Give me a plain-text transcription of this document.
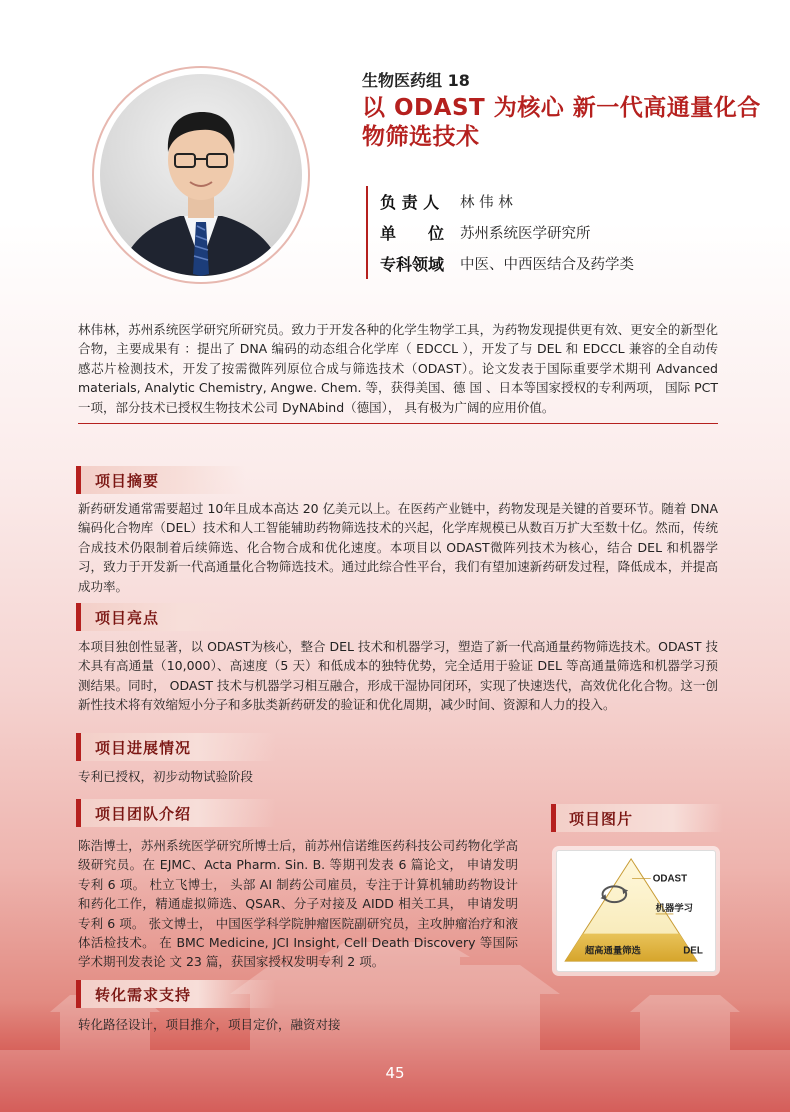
生物医药组 18
以 ODAST 为核心 新一代高通量化合物筛选技术
负 责 人	林 伟 林
单　　位	苏州系统医学研究所
专科领域	中医、中西医结合及药学类
林伟林，苏州系统医学研究所研究员。致力于开发各种的化学生物学工具，为药物发现提供更有效、更安全的新型化合物，主要成果有 ：提出了 DNA 编码的动态组合化学库（ EDCCL ），开发了与 DEL 和 EDCCL 兼容的全自动传感芯片检测技术，开发了按需微阵列原位合成与筛选技术（ODAST）。论文发表于国际重要学术期刊 Advanced materials, Analytic Chemistry, Angwe. Chem. 等，获得美国、德 国 、日本等国家授权的专利两项， 国际 PCT 一项，部分技术已授权生物技术公司 DyNAbind（德国）， 具有极为广阔的应用价值。
项目摘要
新药研发通常需要超过 10年且成本高达 20 亿美元以上。在医药产业链中，药物发现是关键的首要环节。随着 DNA 编码化合物库（DEL）技术和人工智能辅助药物筛选技术的兴起，化学库规模已从数百万扩大至数十亿。然而，传统合成技术仍限制着后续筛选、化合物合成和优化速度。本项目以 ODAST微阵列技术为核心，结合 DEL 和机器学习，致力于开发新一代高通量化合物筛选技术。通过此综合性平台，我们有望加速新药研发过程，降低成本，并提高成功率。
项目亮点
本项目独创性显著，以 ODAST为核心，整合 DEL 技术和机器学习，塑造了新一代高通量药物筛选技术。ODAST 技术具有高通量（10,000）、高速度（5 天）和低成本的独特优势，完全适用于验证 DEL 等高通量筛选和机器学习预测结果。同时， ODAST 技术与机器学习相互融合，形成干湿协同闭环，实现了快速迭代，高效优化化合物。这一创新性技术将有效缩短小分子和多肽类新药研发的验证和优化周期，减少时间、资源和人力的投入。
项目进展情况
专利已授权，初步动物试验阶段
项目团队介绍
陈浩博士，苏州系统医学研究所博士后，前苏州信诺维医药科技公司药物化学高级研究员。在 EJMC、Acta Pharm. Sin. B. 等期刊发表 6 篇论文， 申请发明专利 6 项。 杜立飞博士， 头部 AI 制药公司雇员，专注于计算机辅助药物设计和药化工作，精通虚拟筛选、QSAR、分子对接及 AIDD 相关工具， 申请发明专利 6 项。 张文博士， 中国医学科学院肿瘤医院副研究员，主攻肿瘤治疗和液体活检技术。 在 BMC Medicine, JCI Insight, Cell Death Discovery 等国际学术期刊发表论 文 23 篇，获国家授权发明专利 2 项。
项目图片
ODAST
机器学习
超高通量筛选	DEL
转化需求支持
转化路径设计，项目推介，项目定价，融资对接
45
